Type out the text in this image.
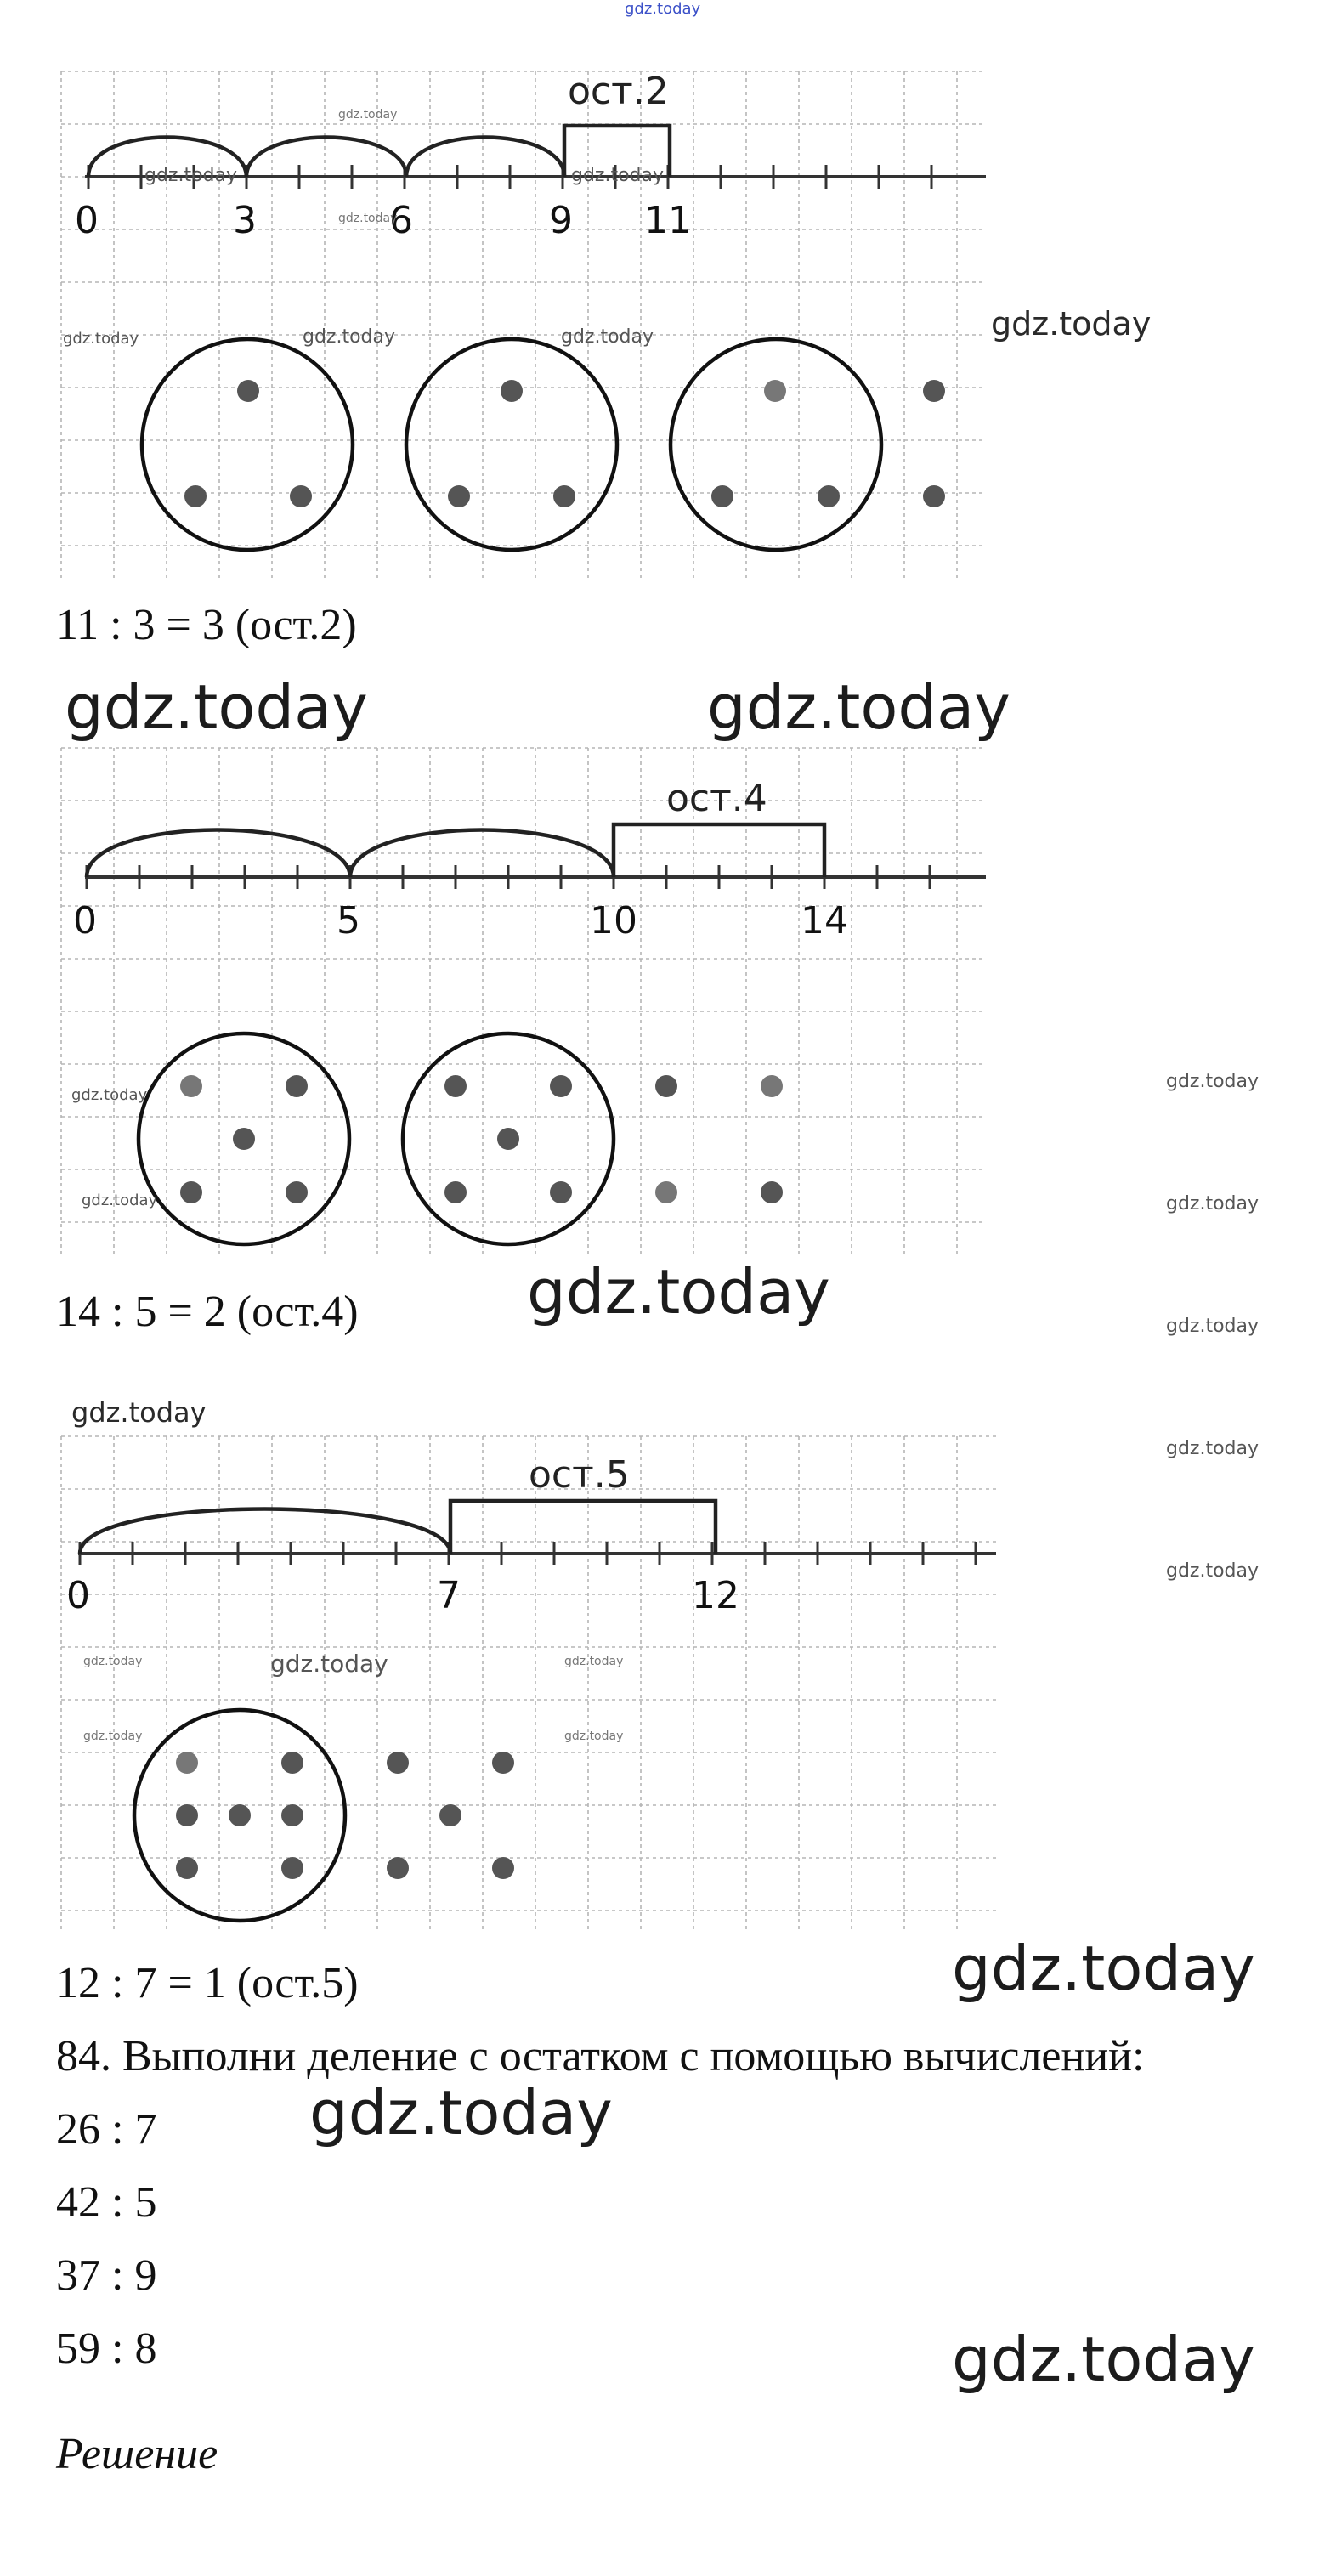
gdz.today
ост.2
0	3	6	9 11
gdz.today
gdz.today
gdz.today
gdz.today
gdz.today	gdz.today	gdz.today	gdz.today
11 : 3 = 3 (ост.2)
gdz.today	gdz.today
ост.4
0	5	10	14
gdz.today
gdz.today
gdz.today
gdz.today
gdz.today
gdz.today
gdz.today
14 : 5 = 2 (ост.4)	gdz.today
gdz.today
ост.5
0	7	12
gdz.today
gdz.today
gdz.today	gdz.today
gdz.today
12 : 7 = 1 (ост.5)	gdz.today
84. Выполни деление с остатком с помощью вычислений:
26 : 7 gdz.today
42 : 5
37 : 9
59 : 8	gdz.today
Решение
